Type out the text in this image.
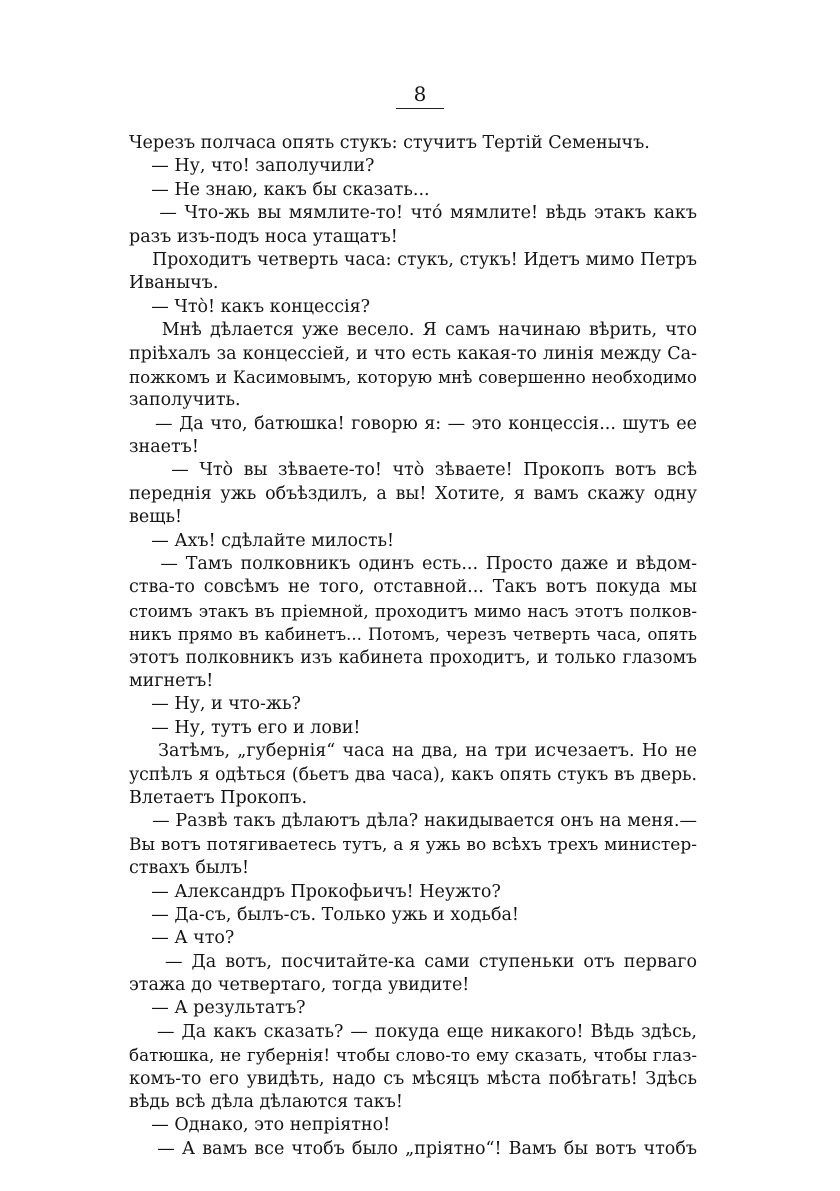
8
Черезъ полчаса опять стукъ: стучитъ Тертій Семенычъ.
— Ну, что! заполучили?
— Не знаю, какъ бы сказать...
— Что-жь вы мямлите-то! что́ мямлите! вѣдь этакъ какъ
разъ изъ-подъ носа утащатъ!
Проходитъ четверть часа: стукъ, стукъ! Идетъ мимо Петръ
Иванычъ.
— Что̀! какъ концессія?
Мнѣ дѣлается уже весело. Я самъ начинаю вѣрить, что
пріѣхалъ за концессіей, и что есть какая-то линія между Са-
пожкомъ и Касимовымъ, которую мнѣ совершенно необходимо
заполучить.
— Да что, батюшка! говорю я: — это концессія... шутъ ее
знаетъ!
— Что̀ вы зѣваете-то! что̀ зѣваете! Прокопъ вотъ всѣ
переднія ужь объѣздилъ, а вы! Хотите, я вамъ скажу одну
вещь!
— Ахъ! сдѣлайте милость!
— Тамъ полковникъ одинъ есть... Просто даже и вѣдом-
ства-то совсѣмъ не того, отставной... Такъ вотъ покуда мы
стоимъ этакъ въ пріемной, проходитъ мимо насъ этотъ полков-
никъ прямо въ кабинетъ... Потомъ, черезъ четверть часа, опять
этотъ полковникъ изъ кабинета проходитъ, и только глазомъ
мигнетъ!
— Ну, и что-жь?
— Ну, тутъ его и лови!
Затѣмъ, „губернія“ часа на два, на три исчезаетъ. Но не
успѣлъ я одѣться (бьетъ два часа), какъ опять стукъ въ дверь.
Влетаетъ Прокопъ.
— Развѣ такъ дѣлаютъ дѣла? накидывается онъ на меня.—
Вы вотъ потягиваетесь тутъ, а я ужь во всѣхъ трехъ министер-
ствахъ былъ!
— Александръ Прокофьичъ! Неужто?
— Да-съ, былъ-съ. Только ужь и ходьба!
— А что?
— Да вотъ, посчитайте-ка сами ступеньки отъ перваго
этажа до четвертаго, тогда увидите!
— А результатъ?
— Да какъ сказать? — покуда еще никакого! Вѣдь здѣсь,
батюшка, не губернія! чтобы слово-то ему сказать, чтобы глаз-
комъ-то его увидѣть, надо съ мѣсяцъ мѣста побѣгать! Здѣсь
вѣдь всѣ дѣла дѣлаются такъ!
— Однако, это непріятно!
— А вамъ все чтобъ было „пріятно“! Вамъ бы вотъ чтобъ
